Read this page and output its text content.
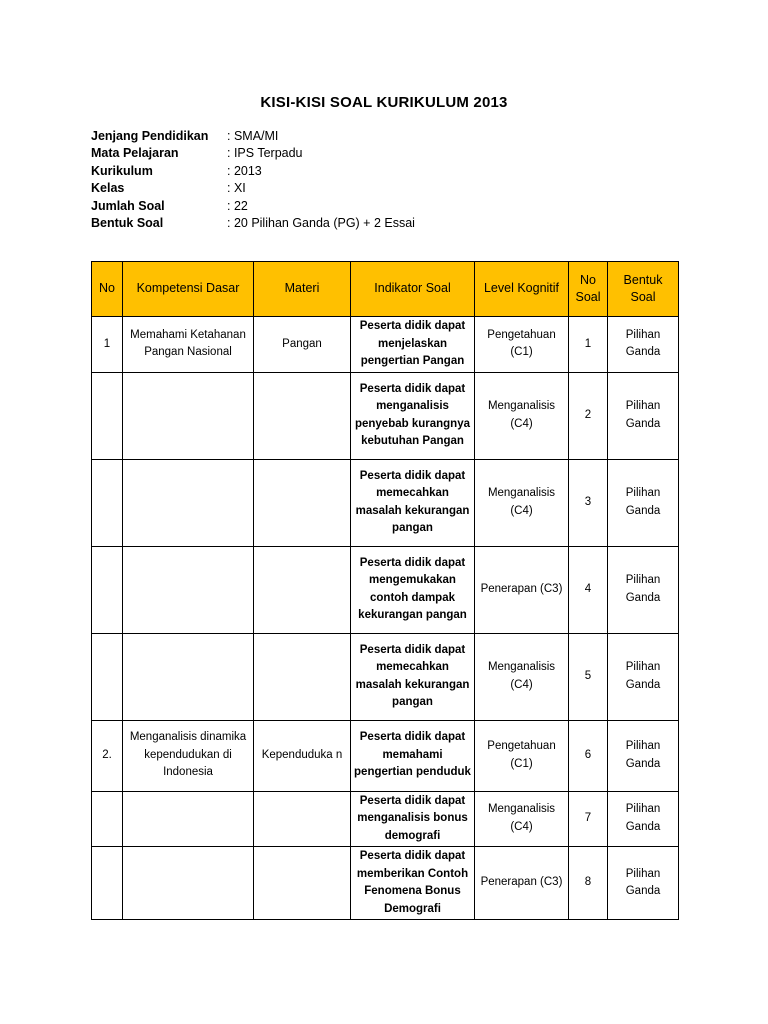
KISI-KISI SOAL KURIKULUM 2013
Jenjang Pendidikan : SMA/MI
Mata Pelajaran	: IPS Terpadu
Kurikulum	: 2013
Kelas	: XI
Jumlah Soal	: 22
Bentuk Soal	: 20 Pilihan Ganda (PG) + 2 Essai
No	Kompetensi Dasar	Materi	Indikator Soal	Level Kognitif	No Soal	Bentuk Soal
1	Memahami Ketahanan Pangan Nasional	Pangan	Peserta didik dapat menjelaskan pengertian Pangan	Pengetahuan (C1)	1	Pilihan Ganda
			Peserta didik dapat menganalisis penyebab kurangnya kebutuhan Pangan	Menganalisis (C4)	2	Pilihan Ganda
			Peserta didik dapat memecahkan masalah kekurangan pangan	Menganalisis (C4)	3	Pilihan Ganda
			Peserta didik dapat mengemukakan contoh dampak kekurangan pangan	Penerapan (C3)	4	Pilihan Ganda
			Peserta didik dapat memecahkan masalah kekurangan pangan	Menganalisis (C4)	5	Pilihan Ganda
2.	Menganalisis dinamika kependudukan di Indonesia	Kependuduka n	Peserta didik dapat memahami pengertian penduduk	Pengetahuan (C1)	6	Pilihan Ganda
			Peserta didik dapat menganalisis bonus demografi	Menganalisis (C4)	7	Pilihan Ganda
			Peserta didik dapat memberikan Contoh Fenomena Bonus Demografi	Penerapan (C3)	8	Pilihan Ganda
